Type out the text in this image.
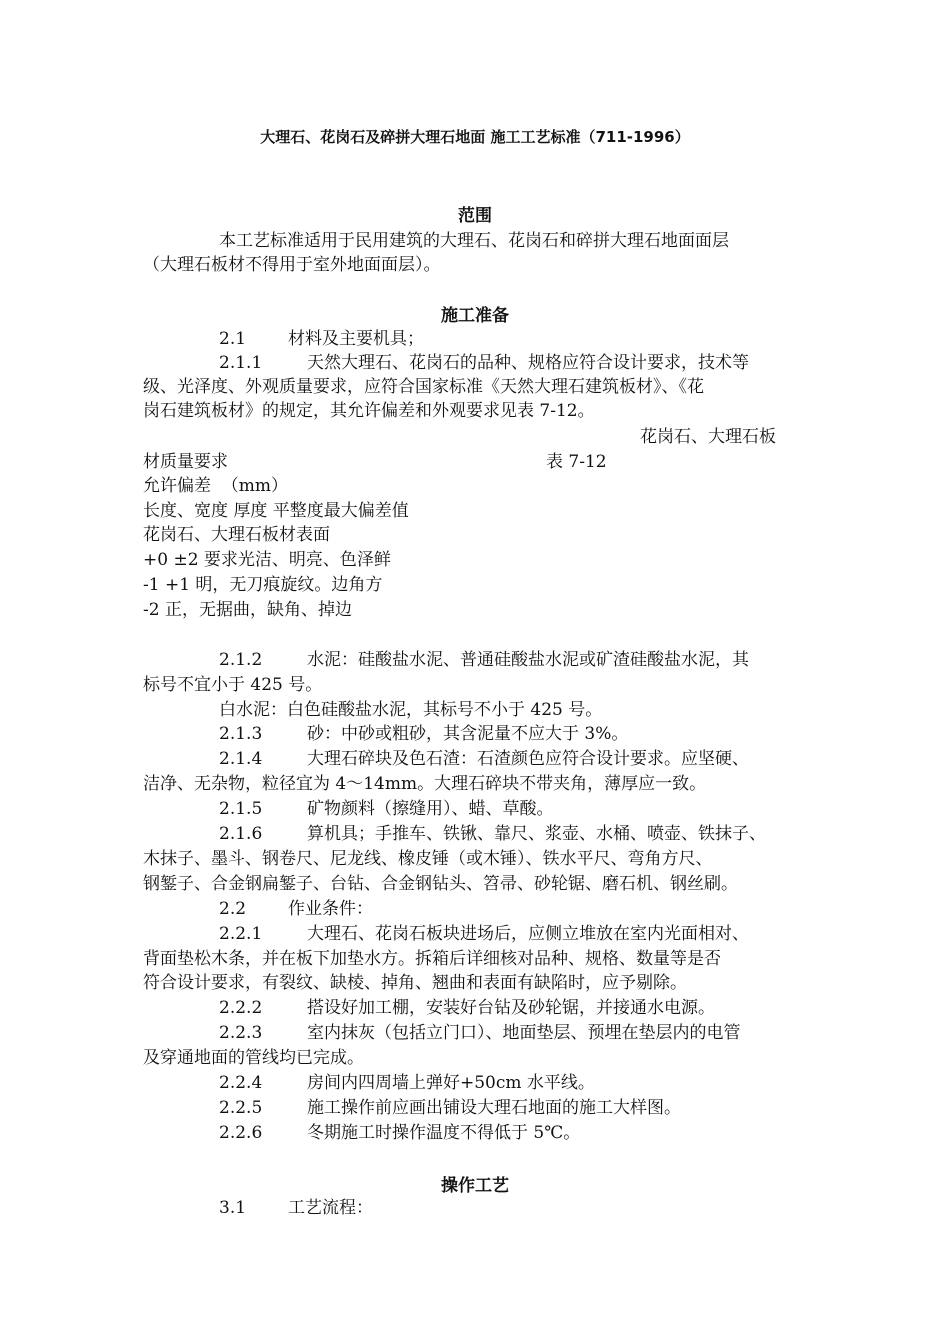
大理石、花岗石及碎拼大理石地面 施工工艺标准（711-1996）
范围
本工艺标准适用于民用建筑的大理石、花岗石和碎拼大理石地面面层
（大理石板材不得用于室外地面面层）。
施工准备
2.1 材料及主要机具；
2.1.1	天然大理石、花岗石的品种、规格应符合设计要求，技术等
级、光泽度、外观质量要求，应符合国家标准《天然大理石建筑板材》、《花
岗石建筑板材》的规定，其允许偏差和外观要求见表 7-12。
花岗石、大理石板
材质量要求	表 7-12
允许偏差  （mm）
长度、宽度 厚度 平整度最大偏差值
花岗石、大理石板材表面
+0 ±2 要求光洁、明亮、色泽鲜
-1 +1 明，无刀痕旋纹。边角方
-2 正，无据曲，缺角、掉边
2.1.2	水泥：硅酸盐水泥、普通硅酸盐水泥或矿渣硅酸盐水泥，其
标号不宜小于 425 号。
白水泥：白色硅酸盐水泥，其标号不小于 425 号。
2.1.3	砂：中砂或粗砂，其含泥量不应大于 3%。
2.1.4	大理石碎块及色石渣：石渣颜色应符合设计要求。应坚硬、
洁净、无杂物，粒径宜为 4～14mm。大理石碎块不带夹角，薄厚应一致。
2.1.5	矿物颜料（擦缝用）、蜡、草酸。
2.1.6	算机具；手推车、铁锹、靠尺、浆壶、水桶、喷壶、铁抹子、
木抹子、墨斗、钢卷尺、尼龙线、橡皮锤（或木锤）、铁水平尺、弯角方尺、
钢錾子、合金钢扁錾子、台钻、合金钢钻头、笤帚、砂轮锯、磨石机、钢丝刷。
2.2 作业条件：
2.2.1	大理石、花岗石板块进场后，应侧立堆放在室内光面相对、
背面垫松木条，并在板下加垫水方。拆箱后详细核对品种、规格、数量等是否
符合设计要求，有裂纹、缺棱、掉角、翘曲和表面有缺陷时，应予剔除。
2.2.2	搭设好加工棚，安装好台钻及砂轮锯，并接通水电源。
2.2.3	室内抹灰（包括立门口）、地面垫层、预埋在垫层内的电管
及穿通地面的管线均已完成。
2.2.4	房间内四周墙上弹好+50cm 水平线。
2.2.5	施工操作前应画出铺设大理石地面的施工大样图。
2.2.6	冬期施工时操作温度不得低于 5℃。
操作工艺
3.1 工艺流程：
